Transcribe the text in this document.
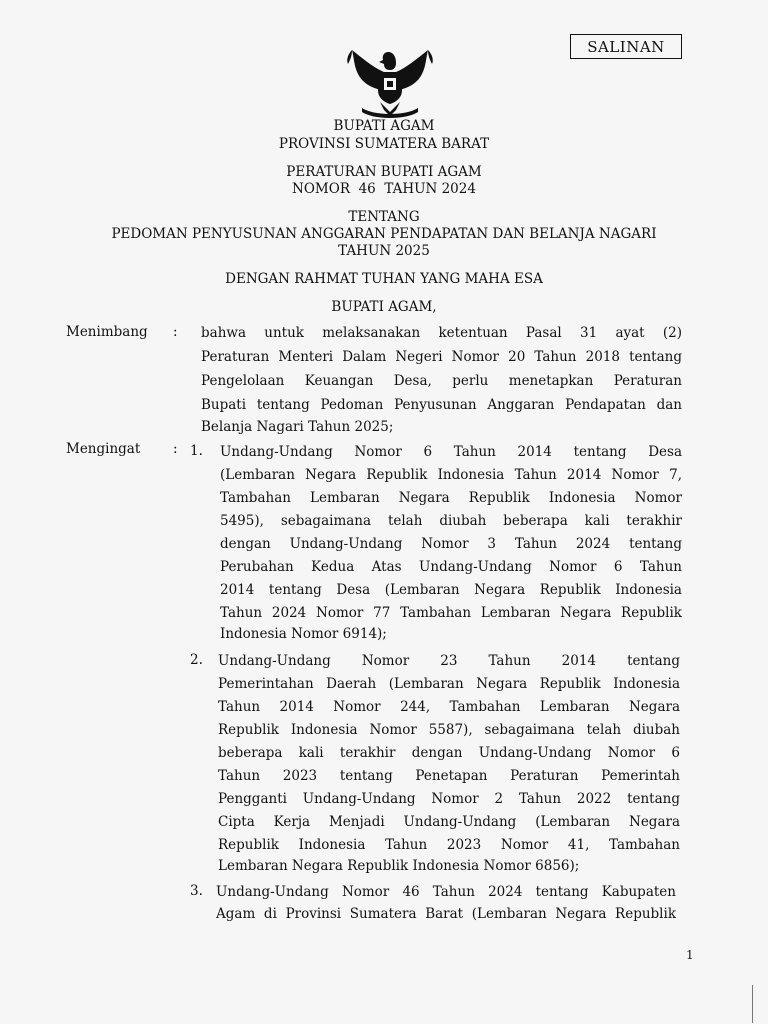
SALINAN
BUPATI AGAM
PROVINSI SUMATERA BARAT
PERATURAN BUPATI AGAM
NOMOR  46  TAHUN 2024
TENTANG
PEDOMAN PENYUSUNAN ANGGARAN PENDAPATAN DAN BELANJA NAGARI
TAHUN 2025
DENGAN RAHMAT TUHAN YANG MAHA ESA
BUPATI AGAM,
Menimbang : bahwa untuk melaksanakan ketentuan Pasal 31 ayat (2)
Peraturan Menteri Dalam Negeri Nomor 20 Tahun 2018 tentang
Pengelolaan Keuangan Desa, perlu menetapkan Peraturan
Bupati tentang Pedoman Penyusunan Anggaran Pendapatan dan
Belanja Nagari Tahun 2025;
Mengingat : 1. Undang-Undang Nomor 6 Tahun 2014 tentang Desa
(Lembaran Negara Republik Indonesia Tahun 2014 Nomor 7,
Tambahan Lembaran Negara Republik Indonesia Nomor
5495), sebagaimana telah diubah beberapa kali terakhir
dengan Undang-Undang Nomor 3 Tahun 2024 tentang
Perubahan Kedua Atas Undang-Undang Nomor 6 Tahun
2014 tentang Desa (Lembaran Negara Republik Indonesia
Tahun 2024 Nomor 77 Tambahan Lembaran Negara Republik
Indonesia Nomor 6914);
2. Undang-Undang Nomor 23 Tahun 2014 tentang
Pemerintahan Daerah (Lembaran Negara Republik Indonesia
Tahun 2014 Nomor 244, Tambahan Lembaran Negara
Republik Indonesia Nomor 5587), sebagaimana telah diubah
beberapa kali terakhir dengan Undang-Undang Nomor 6
Tahun 2023 tentang Penetapan Peraturan Pemerintah
Pengganti Undang-Undang Nomor 2 Tahun 2022 tentang
Cipta Kerja Menjadi Undang-Undang (Lembaran Negara
Republik Indonesia Tahun 2023 Nomor 41, Tambahan
Lembaran Negara Republik Indonesia Nomor 6856);
3. Undang-Undang Nomor 46 Tahun 2024 tentang Kabupaten
Agam di Provinsi Sumatera Barat (Lembaran Negara Republik
1
